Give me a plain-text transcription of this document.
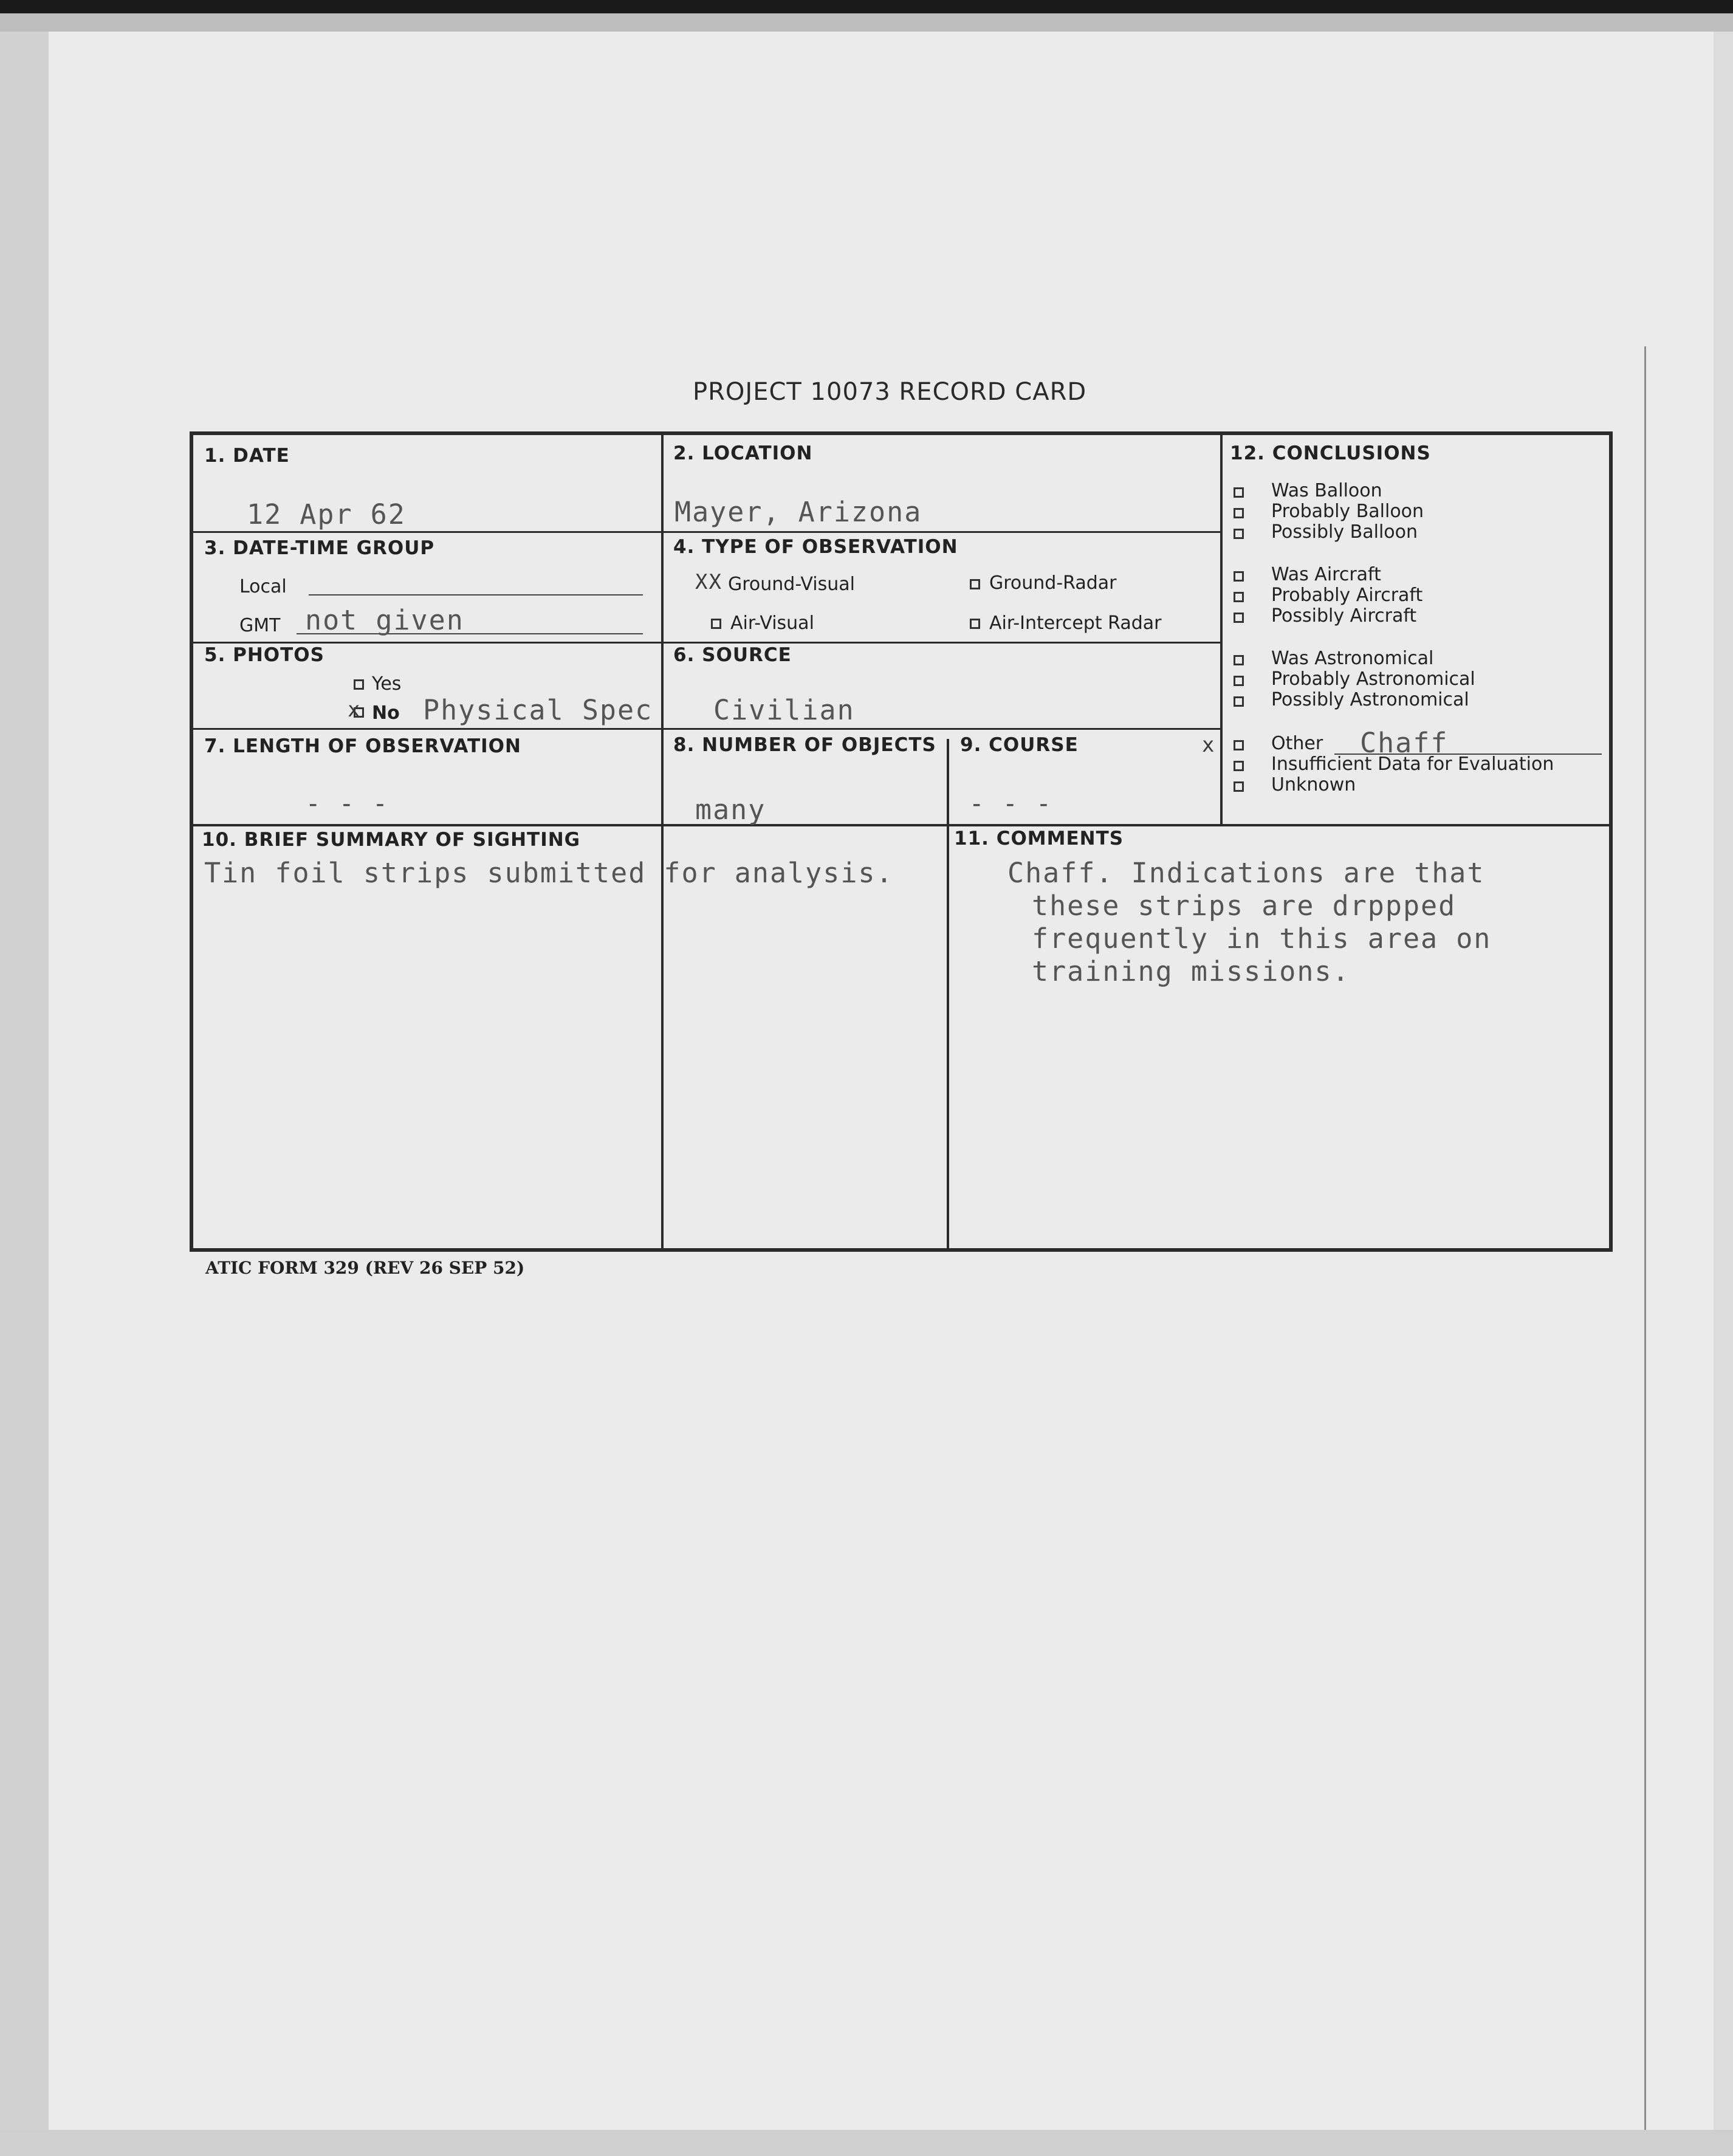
PROJECT 10073 RECORD CARD
1. DATE
12 Apr 62
2. LOCATION
Mayer, Arizona
3. DATE-TIME GROUP
Local
GMT not given
4. TYPE OF OBSERVATION
XX Ground-Visual	Ground-Radar
Air-Visual	Air-Intercept Radar
5. PHOTOS
Yes
x No Physical Spec
6. SOURCE
Civilian
7. LENGTH OF OBSERVATION
- - -
8. NUMBER OF OBJECTS
many
9. COURSE
- - -
12. CONCLUSIONS
Was Balloon
Probably Balloon
Possibly Balloon
Was Aircraft
Probably Aircraft
Possibly Aircraft
Was Astronomical
Probably Astronomical
Possibly Astronomical
x	Other Chaff
Insufficient Data for Evaluation
Unknown
10. BRIEF SUMMARY OF SIGHTING
Tin foil strips submitted for analysis.
11. COMMENTS
Chaff. Indications are that
these strips are drppped
frequently in this area on
training missions.
ATIC FORM 329 (REV 26 SEP 52)
